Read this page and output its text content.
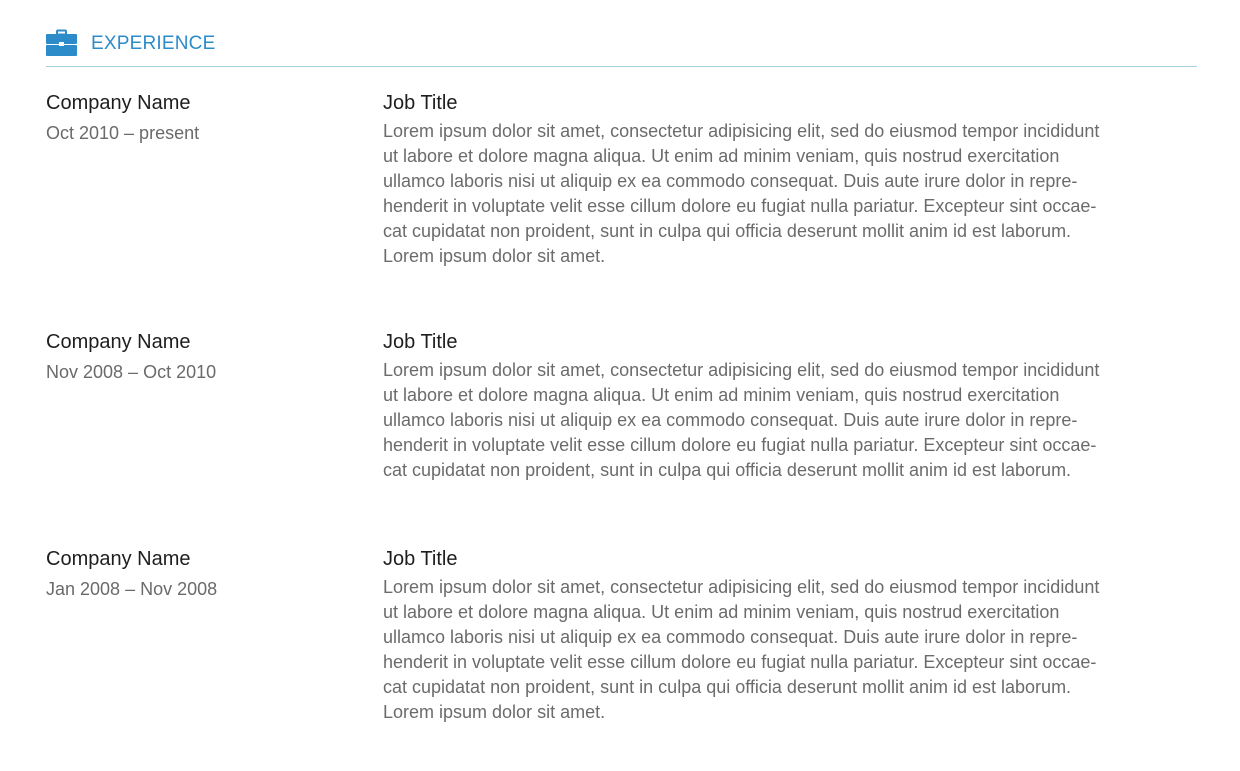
EXPERIENCE
Company Name
Oct 2010 – present
Job Title
Lorem ipsum dolor sit amet, consectetur adipisicing elit, sed do eiusmod tempor incididunt
ut labore et dolore magna aliqua. Ut enim ad minim veniam, quis nostrud exercitation
ullamco laboris nisi ut aliquip ex ea commodo consequat. Duis aute irure dolor in repre-
henderit in voluptate velit esse cillum dolore eu fugiat nulla pariatur. Excepteur sint occae-
cat cupidatat non proident, sunt in culpa qui officia deserunt mollit anim id est laborum.
Lorem ipsum dolor sit amet.
Company Name
Nov 2008 – Oct 2010
Job Title
Lorem ipsum dolor sit amet, consectetur adipisicing elit, sed do eiusmod tempor incididunt
ut labore et dolore magna aliqua. Ut enim ad minim veniam, quis nostrud exercitation
ullamco laboris nisi ut aliquip ex ea commodo consequat. Duis aute irure dolor in repre-
henderit in voluptate velit esse cillum dolore eu fugiat nulla pariatur. Excepteur sint occae-
cat cupidatat non proident, sunt in culpa qui officia deserunt mollit anim id est laborum.
Company Name
Jan 2008 – Nov 2008
Job Title
Lorem ipsum dolor sit amet, consectetur adipisicing elit, sed do eiusmod tempor incididunt
ut labore et dolore magna aliqua. Ut enim ad minim veniam, quis nostrud exercitation
ullamco laboris nisi ut aliquip ex ea commodo consequat. Duis aute irure dolor in repre-
henderit in voluptate velit esse cillum dolore eu fugiat nulla pariatur. Excepteur sint occae-
cat cupidatat non proident, sunt in culpa qui officia deserunt mollit anim id est laborum.
Lorem ipsum dolor sit amet.
